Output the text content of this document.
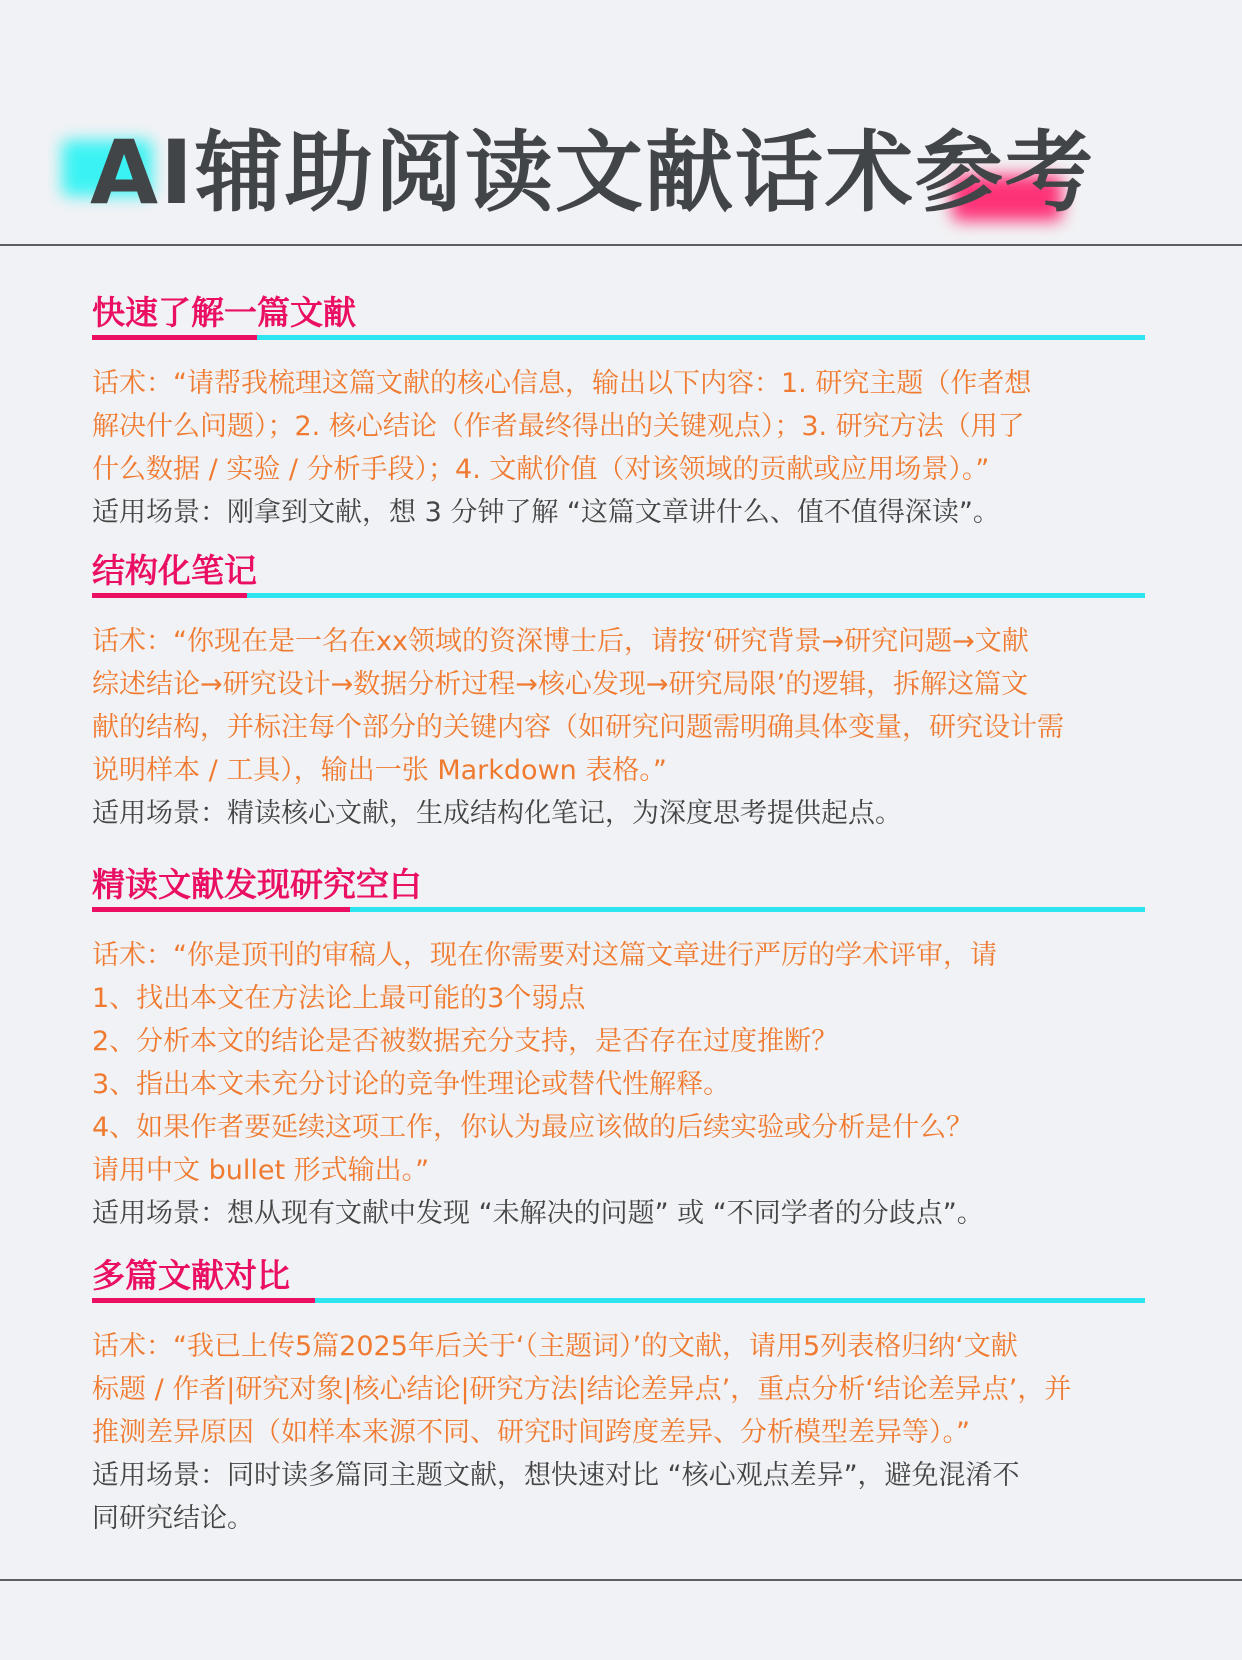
AI辅助阅读文献话术参考
快速了解一篇文献

话术：“请帮我梳理这篇文献的核心信息，输出以下内容：1. 研究主题（作者想

解决什么问题）；2. 核心结论（作者最终得出的关键观点）；3. 研究方法（用了

什么数据 / 实验 / 分析手段）；4. 文献价值（对该领域的贡献或应用场景）。”

适用场景：刚拿到文献，想 3 分钟了解 “这篇文章讲什么、值不值得深读”。

结构化笔记

话术：“你现在是一名在xx领域的资深博士后，请按‘研究背景→研究问题→文献

综述结论→研究设计→数据分析过程→核心发现→研究局限’的逻辑，拆解这篇文

献的结构，并标注每个部分的关键内容（如研究问题需明确具体变量，研究设计需

说明样本 / 工具），输出一张 Markdown 表格。”

适用场景：精读核心文献，生成结构化笔记，为深度思考提供起点。

精读文献发现研究空白

话术：“你是顶刊的审稿人，现在你需要对这篇文章进行严厉的学术评审，请

1、找出本文在方法论上最可能的3个弱点

2、分析本文的结论是否被数据充分支持，是否存在过度推断？

3、指出本文未充分讨论的竞争性理论或替代性解释。

4、如果作者要延续这项工作，你认为最应该做的后续实验或分析是什么？

请用中文 bullet 形式输出。”

适用场景：想从现有文献中发现 “未解决的问题” 或 “不同学者的分歧点”。

多篇文献对比

话术：“我已上传5篇2025年后关于‘（主题词）’的文献，请用5列表格归纳‘文献

标题 / 作者|研究对象|核心结论|研究方法|结论差异点’，重点分析‘结论差异点’，并

推测差异原因（如样本来源不同、研究时间跨度差异、分析模型差异等）。”

适用场景：同时读多篇同主题文献，想快速对比 “核心观点差异”，避免混淆不

同研究结论。
